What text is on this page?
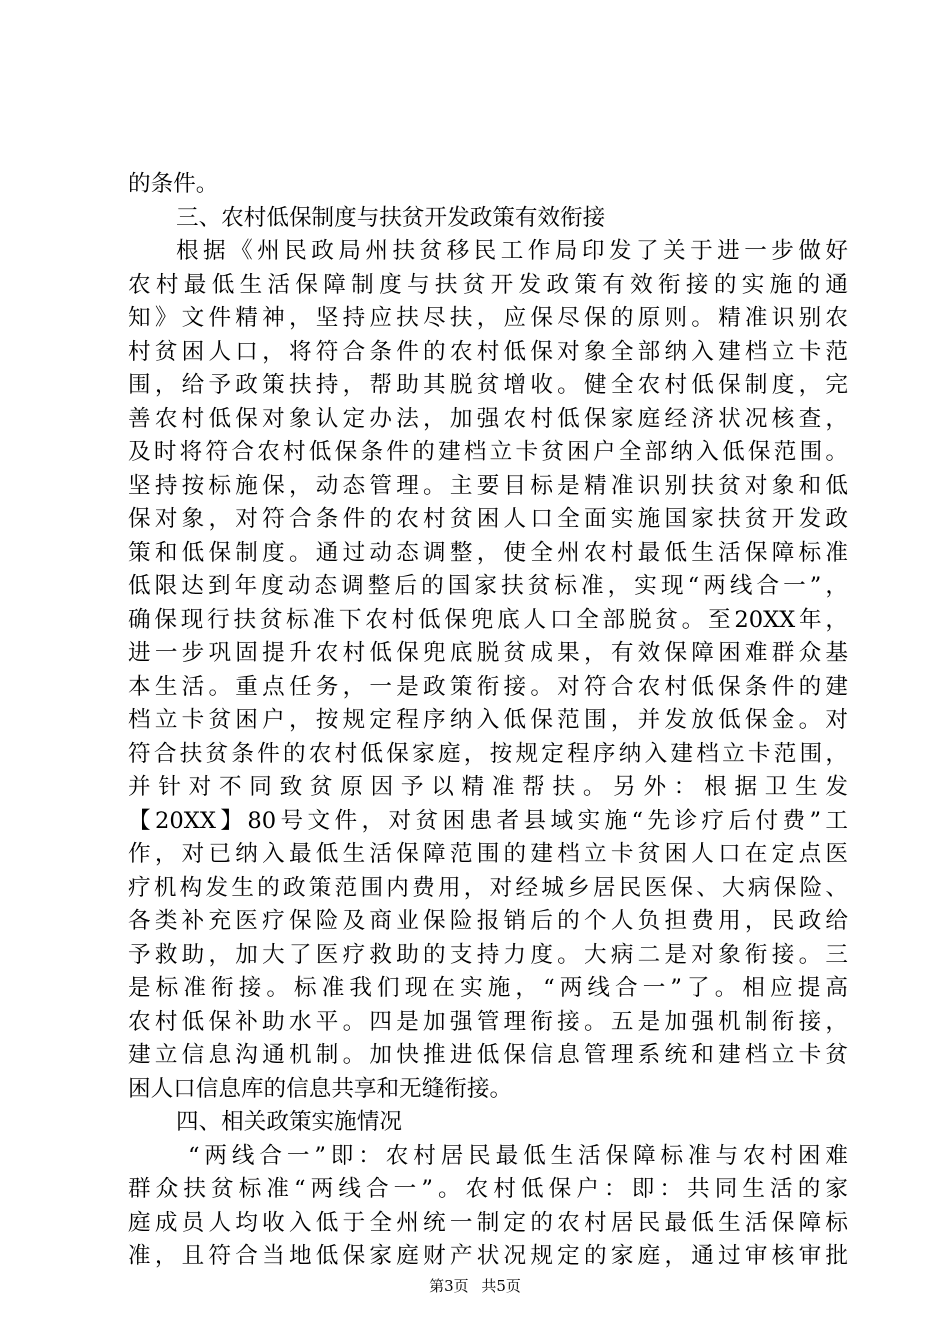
的条件。
三、农村低保制度与扶贫开发政策有效衔接
根据《州民政局州扶贫移民工作局印发了关于进一步做好
农村最低生活保障制度与扶贫开发政策有效衔接的实施的通
知》文件精神，坚持应扶尽扶，应保尽保的原则。精准识别农
村贫困人口，将符合条件的农村低保对象全部纳入建档立卡范
围，给予政策扶持，帮助其脱贫增收。健全农村低保制度，完
善农村低保对象认定办法，加强农村低保家庭经济状况核查，
及时将符合农村低保条件的建档立卡贫困户全部纳入低保范围。
坚持按标施保，动态管理。主要目标是精准识别扶贫对象和低
保对象，对符合条件的农村贫困人口全面实施国家扶贫开发政
策和低保制度。通过动态调整，使全州农村最低生活保障标准
低限达到年度动态调整后的国家扶贫标准，实现“两线合一”，
确保现行扶贫标准下农村低保兜底人口全部脱贫。至20XX年，
进一步巩固提升农村低保兜底脱贫成果，有效保障困难群众基
本生活。重点任务，一是政策衔接。对符合农村低保条件的建
档立卡贫困户，按规定程序纳入低保范围，并发放低保金。对
符合扶贫条件的农村低保家庭，按规定程序纳入建档立卡范围，
并针对不同致贫原因予以精准帮扶。另外：根据卫生发
【20XX】80号文件，对贫困患者县域实施“先诊疗后付费”工
作，对已纳入最低生活保障范围的建档立卡贫困人口在定点医
疗机构发生的政策范围内费用，对经城乡居民医保、大病保险、
各类补充医疗保险及商业保险报销后的个人负担费用，民政给
予救助，加大了医疗救助的支持力度。大病二是对象衔接。三
是标准衔接。标准我们现在实施，“两线合一”了。相应提高
农村低保补助水平。四是加强管理衔接。五是加强机制衔接，
建立信息沟通机制。加快推进低保信息管理系统和建档立卡贫
困人口信息库的信息共享和无缝衔接。
四、相关政策实施情况
“两线合一”即：农村居民最低生活保障标准与农村困难
群众扶贫标准“两线合一”。农村低保户：即：共同生活的家
庭成员人均收入低于全州统一制定的农村居民最低生活保障标
准，且符合当地低保家庭财产状况规定的家庭，通过审核审批
第3页 共5页
